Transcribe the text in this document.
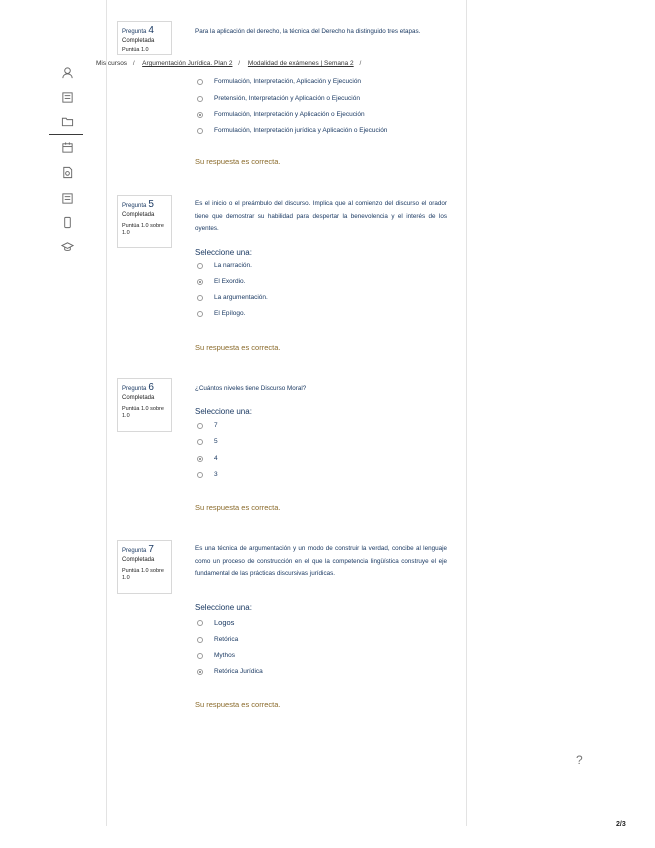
Pregunta 4
Completada
Puntúa 1.0
Para la aplicación del derecho, la técnica del Derecho ha distinguido tres etapas.
Mis cursos / Argumentación Jurídica. Plan 2 / Modalidad de exámenes | Semana 2 /
Formulación, Interpretación, Aplicación y Ejecución
Pretensión, Interpretación y Aplicación o Ejecución
Formulación, Interpretación y Aplicación o Ejecución
Formulación, Interpretación jurídica y Aplicación o Ejecución
Su respuesta es correcta.
Pregunta 5
Completada
Puntúa 1.0 sobre 1.0
Es el inicio o el preámbulo del discurso. Implica que al comienzo del discurso el orador tiene que demostrar su habilidad para despertar la benevolencia y el interés de los oyentes.
Seleccione una:
La narración.
El Exordio.
La argumentación.
El Epílogo.
Su respuesta es correcta.
Pregunta 6
Completada
Puntúa 1.0 sobre 1.0
¿Cuántos niveles tiene Discurso Moral?
Seleccione una:
7
5
4
3
Su respuesta es correcta.
Pregunta 7
Completada
Puntúa 1.0 sobre 1.0
Es una técnica de argumentación y un modo de construir la verdad, concibe al lenguaje como un proceso de construcción en el que la competencia lingüística construye el eje fundamental de las prácticas discursivas jurídicas.
Seleccione una:
Logos
Retórica
Mythos
Retórica Jurídica
Su respuesta es correcta.
?
2/3
